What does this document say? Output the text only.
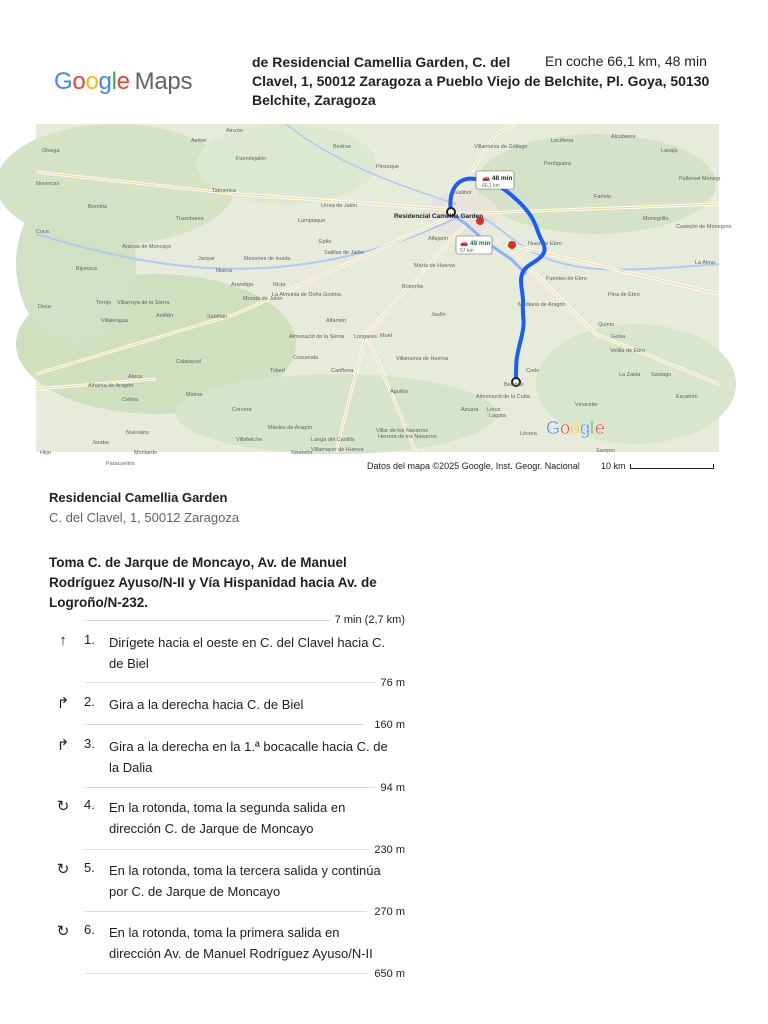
Google Maps
de Residencial Camellia Garden, C. del
Clavel, 1, 50012 Zaragoza a Pueblo Viejo de Belchite, Pl. Goya, 50130
Belchite, Zaragoza
En coche 66,1 km, 48 min
🚗 48 min
66,1 km
🚗 48 min
57 km
Olvega
Ambel
Ainzón
Bedroa	Villanueva de Gállego
Leciñena
Alcubierre
Lanaja
Fuendejalón
Pinseque	Perdiguera
Novercas
Borobia
Tabuenca
Urrea de Jalón
Juslibol
Farlete
Palleruel Monegr
Trasobares	Lumpiaque
Residencial Camellia Garden	Monegrillo
Castejón de Monegros
Cuca
Aranda de Moncayo
Epila	Alfajarín
Nuez de Ebro
Bijuesca
Jarque
Illueca
Mesones de Isuela
Salillas de Jalón
María de Huerva
Fuentes de Ebro
La Almo
Arandiga	Ricla	Botorrita
Pina de Ebro
Morata de Jalón
La Almunia de Doña Godina
Deza
Torrijo Villarroya de la Sierra
Aniñón	Sabiñán
Alfamén
Muel
Jaulín
Mediana de Aragón
Quinto
Villalengua
Almonacid de la Sierra Longares	Gelsa
Cosuenda
Velilla de Ebro
Calatayud
Tobed	Cariñena
Villanueva de Huerva
Codo
La Zaida Sástago
Ateca
Alhama de Aragón
Cetina
Mainar	Aguilón
Belchite
Almonacid de la Cuba
Azuara
Escatrón
Cervera
Lagata
Letux
Vinaceite
Nuévalos
Miedes de Aragón
Langa del Castillo
Villar de los Navarros
Herrera de los Navarros	Lécera
Jaraba	Villafeliche
Villamayor de Huerva
Montarde	Samper
Hijar	Sisamón
Paracuellos
G o o g l e
Datos del mapa ©2025 Google, Inst. Geogr. Nacional 10 km
Residencial Camellia Garden
C. del Clavel, 1, 50012 Zaragoza
Toma C. de Jarque de Moncayo, Av. de Manuel
Rodríguez Ayuso/N-II y Vía Hispanidad hacia Av. de
Logroño/N-232.
7 min (2,7 km)
↑	1. Dirígete hacia el oeste en C. del Clavel hacia C.
de Biel
76 m
↱ 2. Gira a la derecha hacia C. de Biel
160 m
↱ 3. Gira a la derecha en la 1.ª bocacalle hacia C. de
la Dalia
94 m
↻ 4. En la rotonda, toma la segunda salida en
dirección C. de Jarque de Moncayo
230 m
↻ 5. En la rotonda, toma la tercera salida y continúa
por C. de Jarque de Moncayo
270 m
↻ 6. En la rotonda, toma la primera salida en
dirección Av. de Manuel Rodríguez Ayuso/N-II
650 m
